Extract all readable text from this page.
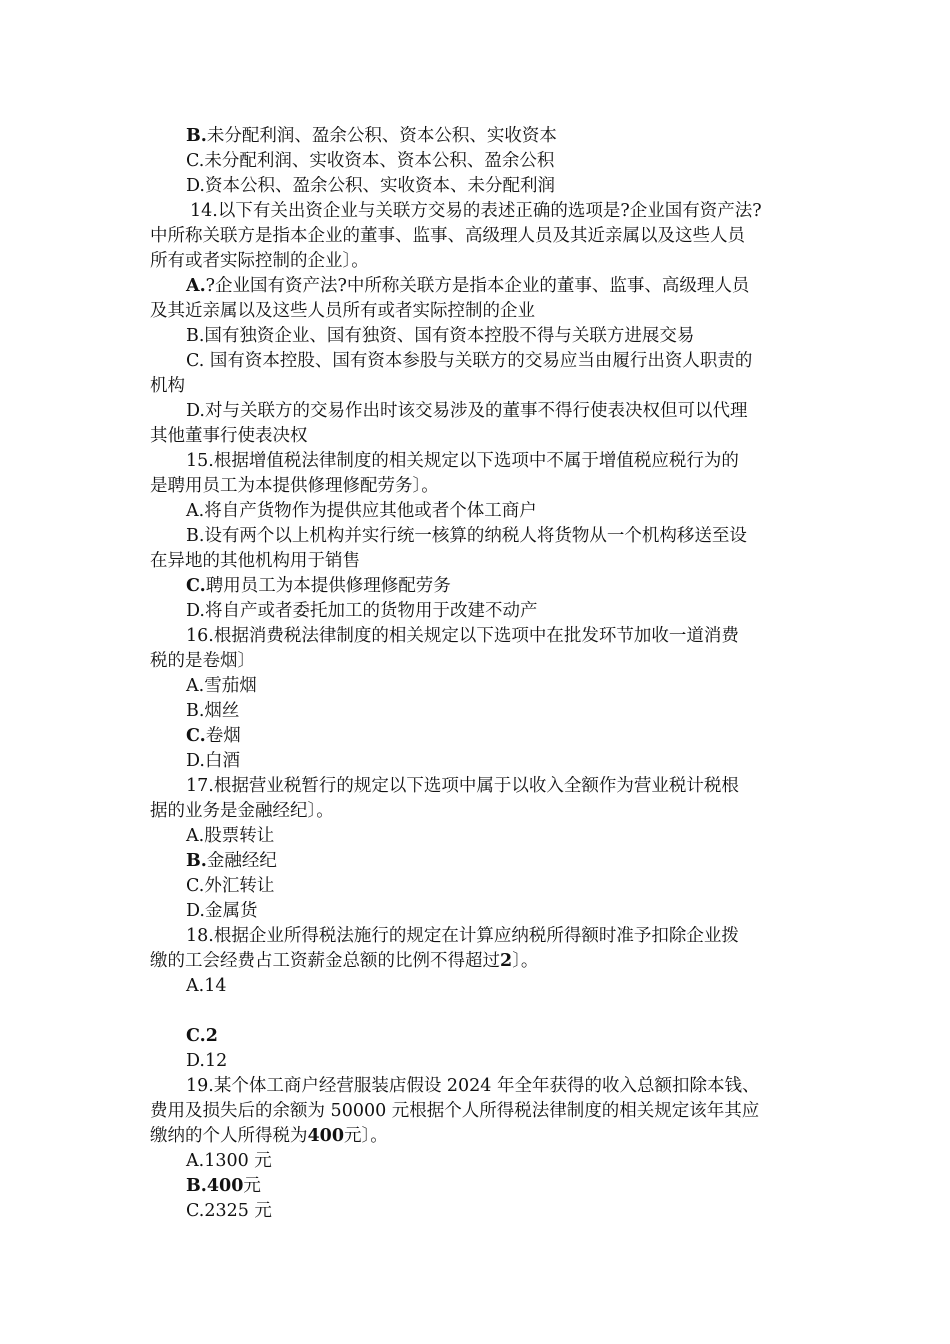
B.未分配利润、盈余公积、资本公积、实收资本
C.未分配利润、实收资本、资本公积、盈余公积
D.资本公积、盈余公积、实收资本、未分配利润
14.以下有关出资企业与关联方交易的表述正确的选项是?企业国有资产法?
中所称关联方是指本企业的董事、监事、高级理人员及其近亲属以及这些人员
所有或者实际控制的企业〕。
A.?企业国有资产法?中所称关联方是指本企业的董事、监事、高级理人员
及其近亲属以及这些人员所有或者实际控制的企业
B.国有独资企业、国有独资、国有资本控股不得与关联方进展交易
C. 国有资本控股、国有资本参股与关联方的交易应当由履行出资人职责的
机构
D.对与关联方的交易作出时该交易涉及的董事不得行使表决权但可以代理
其他董事行使表决权
15.根据增值税法律制度的相关规定以下选项中不属于增值税应税行为的
是聘用员工为本提供修理修配劳务〕。
A.将自产货物作为提供应其他或者个体工商户
B.设有两个以上机构并实行统一核算的纳税人将货物从一个机构移送至设
在异地的其他机构用于销售
C.聘用员工为本提供修理修配劳务
D.将自产或者委托加工的货物用于改建不动产
16.根据消费税法律制度的相关规定以下选项中在批发环节加收一道消费
税的是卷烟〕
A.雪茄烟
B.烟丝
C.卷烟
D.白酒
17.根据营业税暂行的规定以下选项中属于以收入全额作为营业税计税根
据的业务是金融经纪〕。
A.股票转让
B.金融经纪
C.外汇转让
D.金属货
18.根据企业所得税法施行的规定在计算应纳税所得额时准予扣除企业拨
缴的工会经费占工资薪金总额的比例不得超过2〕。
A.14
C.2
D.12
19.某个体工商户经营服装店假设 2024 年全年获得的收入总额扣除本钱、
费用及损失后的余额为 50000 元根据个人所得税法律制度的相关规定该年其应
缴纳的个人所得税为400元〕。
A.1300 元
B.400元
C.2325 元
